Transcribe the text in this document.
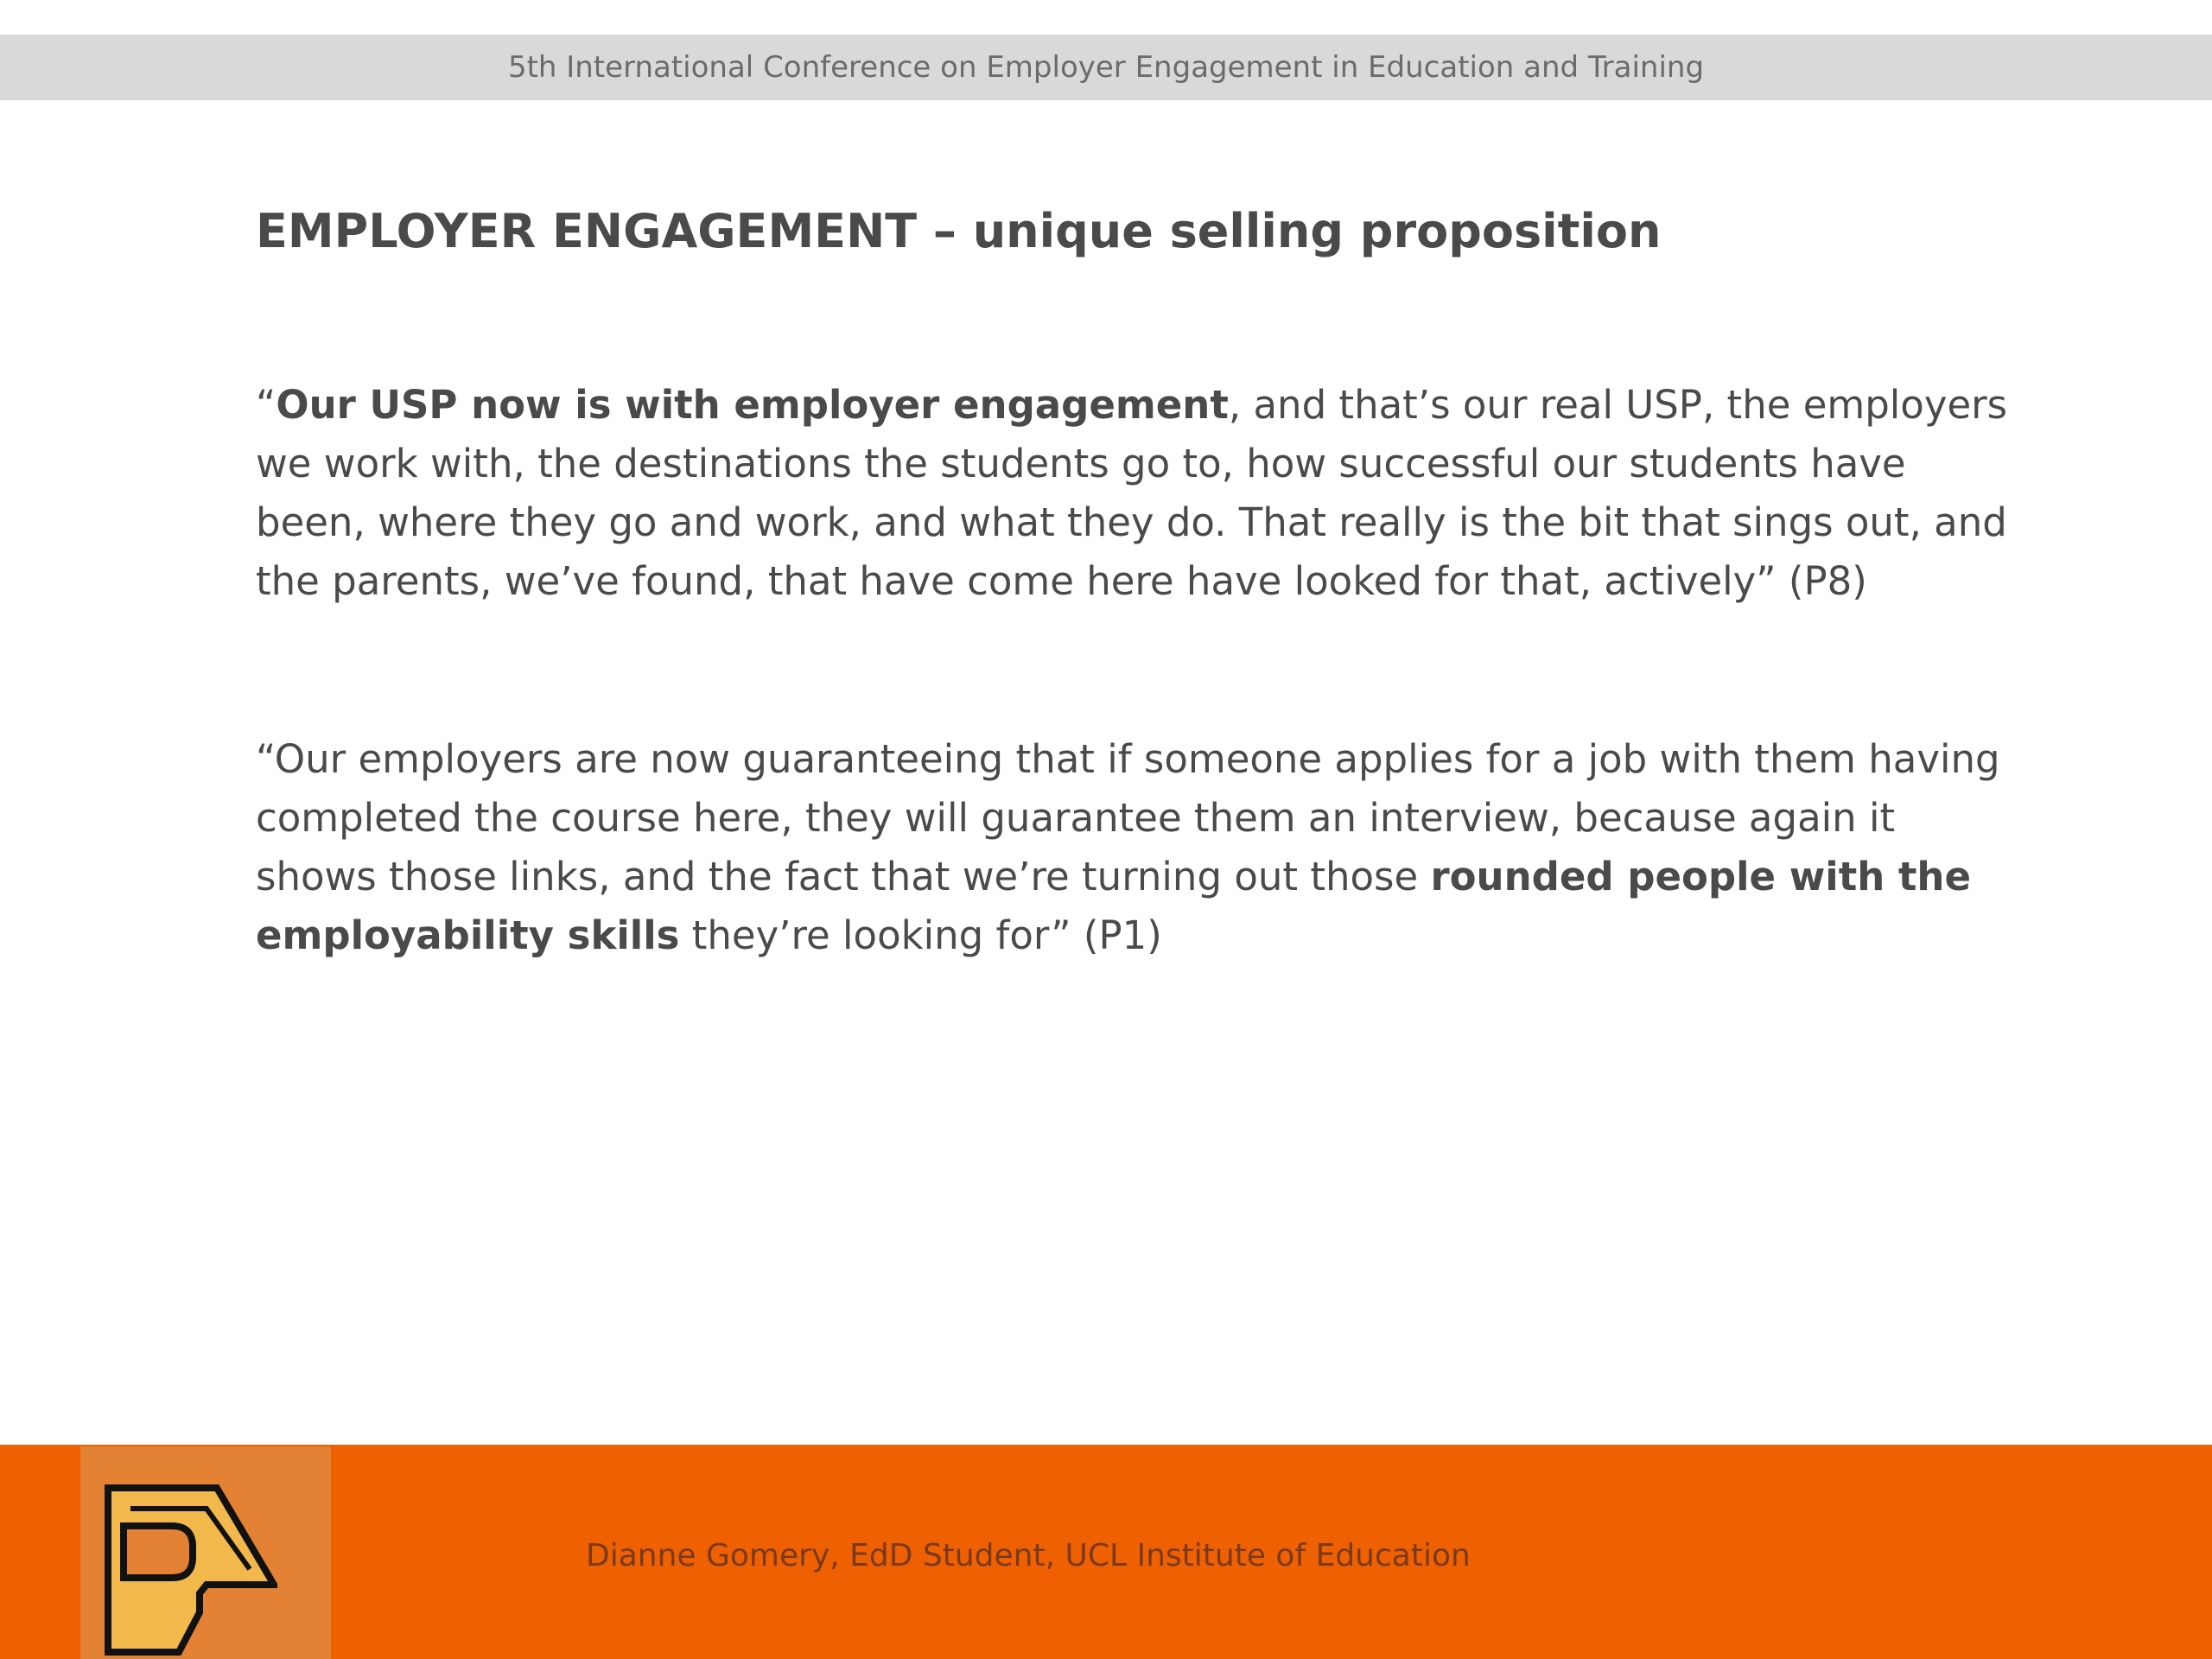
5th International Conference on Employer Engagement in Education and Training
EMPLOYER ENGAGEMENT – unique selling proposition

“Our USP now is with employer engagement, and that’s our real USP, the employers we work with, the destinations the students go to, how successful our students have been, where they go and work, and what they do. That really is the bit that sings out, and the parents, we’ve found, that have come here have looked for that, actively” (P8)

“Our employers are now guaranteeing that if someone applies for a job with them having completed the course here, they will guarantee them an interview, because again it shows those links, and the fact that we’re turning out those rounded people with the employability skills they’re looking for” (P1)

Dianne Gomery, EdD Student, UCL Institute of Education
